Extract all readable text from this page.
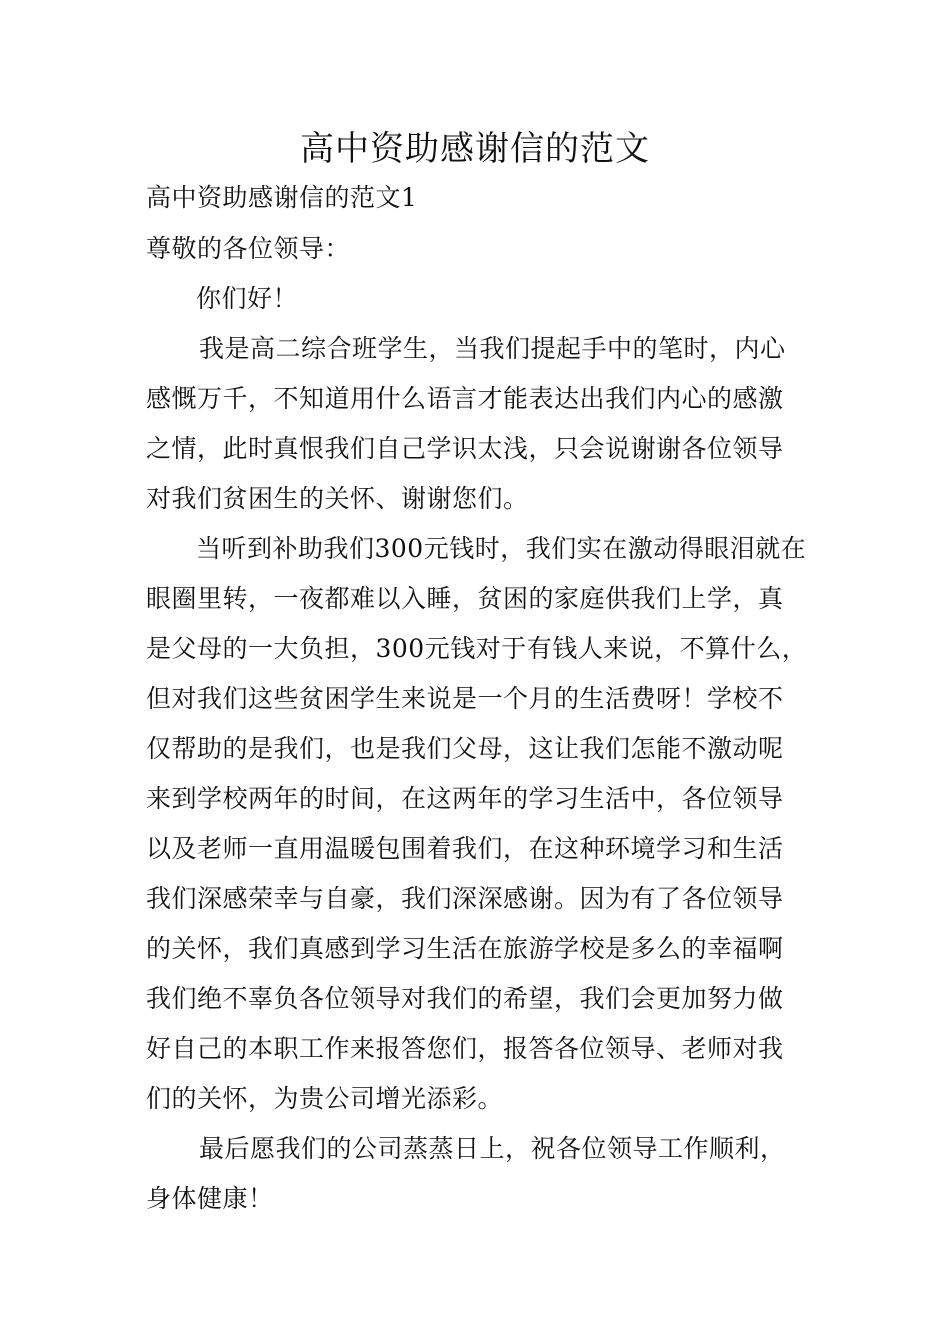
高中资助感谢信的范文

高中资助感谢信的范文1

尊敬的各位领导：

你们好！

我是高二综合班学生，当我们提起手中的笔时，内心

感慨万千，不知道用什么语言才能表达出我们内心的感激

之情，此时真恨我们自己学识太浅，只会说谢谢各位领导

对我们贫困生的关怀、谢谢您们。

当听到补助我们300元钱时，我们实在激动得眼泪就在

眼圈里转，一夜都难以入睡，贫困的家庭供我们上学，真

是父母的一大负担，300元钱对于有钱人来说，不算什么，

但对我们这些贫困学生来说是一个月的生活费呀！学校不

仅帮助的是我们，也是我们父母，这让我们怎能不激动呢

来到学校两年的时间，在这两年的学习生活中，各位领导

以及老师一直用温暖包围着我们，在这种环境学习和生活

我们深感荣幸与自豪，我们深深感谢。因为有了各位领导

的关怀，我们真感到学习生活在旅游学校是多么的幸福啊

我们绝不辜负各位领导对我们的希望，我们会更加努力做

好自己的本职工作来报答您们，报答各位领导、老师对我

们的关怀，为贵公司增光添彩。

最后愿我们的公司蒸蒸日上，祝各位领导工作顺利，

身体健康！
